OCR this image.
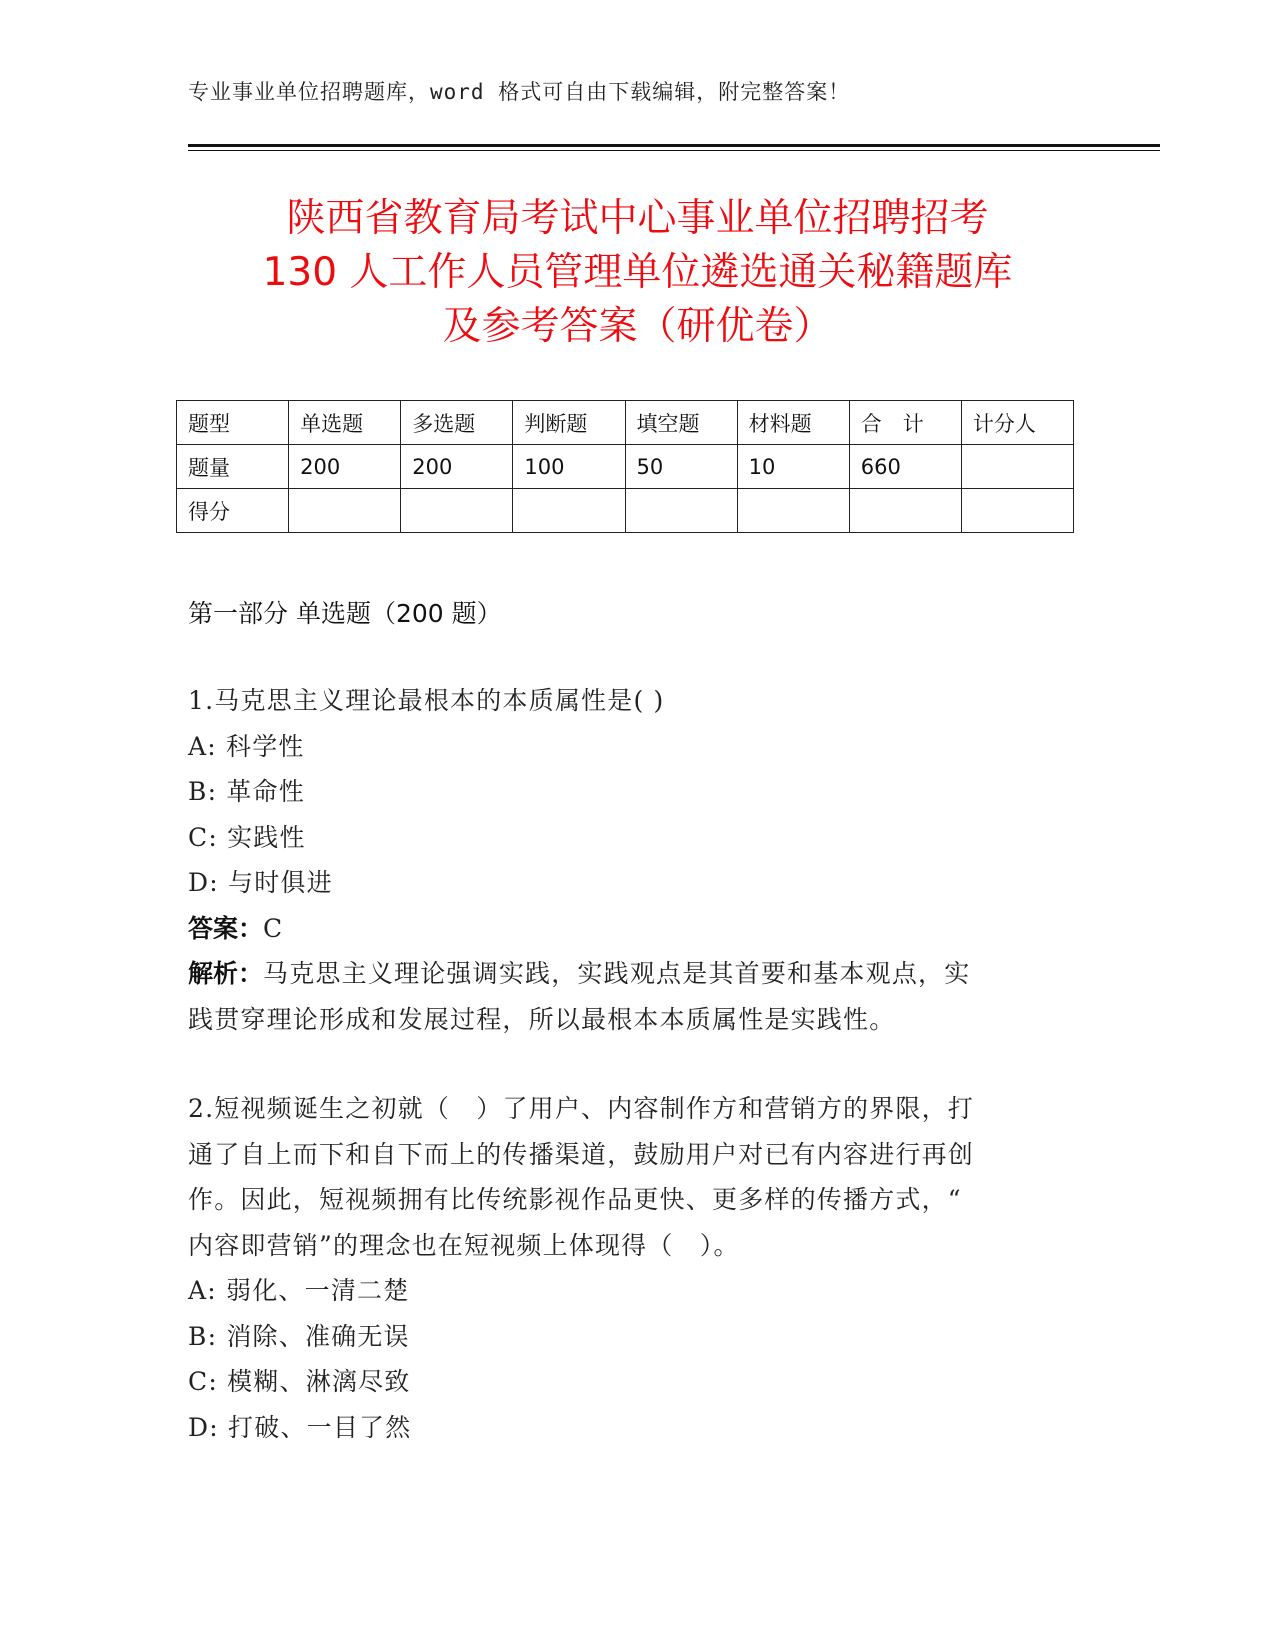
专业事业单位招聘题库，word 格式可自由下载编辑，附完整答案！
陕西省教育局考试中心事业单位招聘招考
130 人工作人员管理单位遴选通关秘籍题库
及参考答案（研优卷）
题型	单选题	多选题	判断题	填空题	材料题	合　计	计分人
题量	200	200	100	50	10	660	
得分							
第一部分 单选题（200 题）
1.马克思主义理论最根本的本质属性是( )
A: 科学性
B: 革命性
C: 实践性
D: 与时俱进
答案：C
解析：马克思主义理论强调实践，实践观点是其首要和基本观点，实
践贯穿理论形成和发展过程，所以最根本本质属性是实践性。
2.短视频诞生之初就（　）了用户、内容制作方和营销方的界限，打
通了自上而下和自下而上的传播渠道，鼓励用户对已有内容进行再创
作。因此，短视频拥有比传统影视作品更快、更多样的传播方式，“
内容即营销”的理念也在短视频上体现得（　）。
A: 弱化、一清二楚
B: 消除、准确无误
C: 模糊、淋漓尽致
D: 打破、一目了然
